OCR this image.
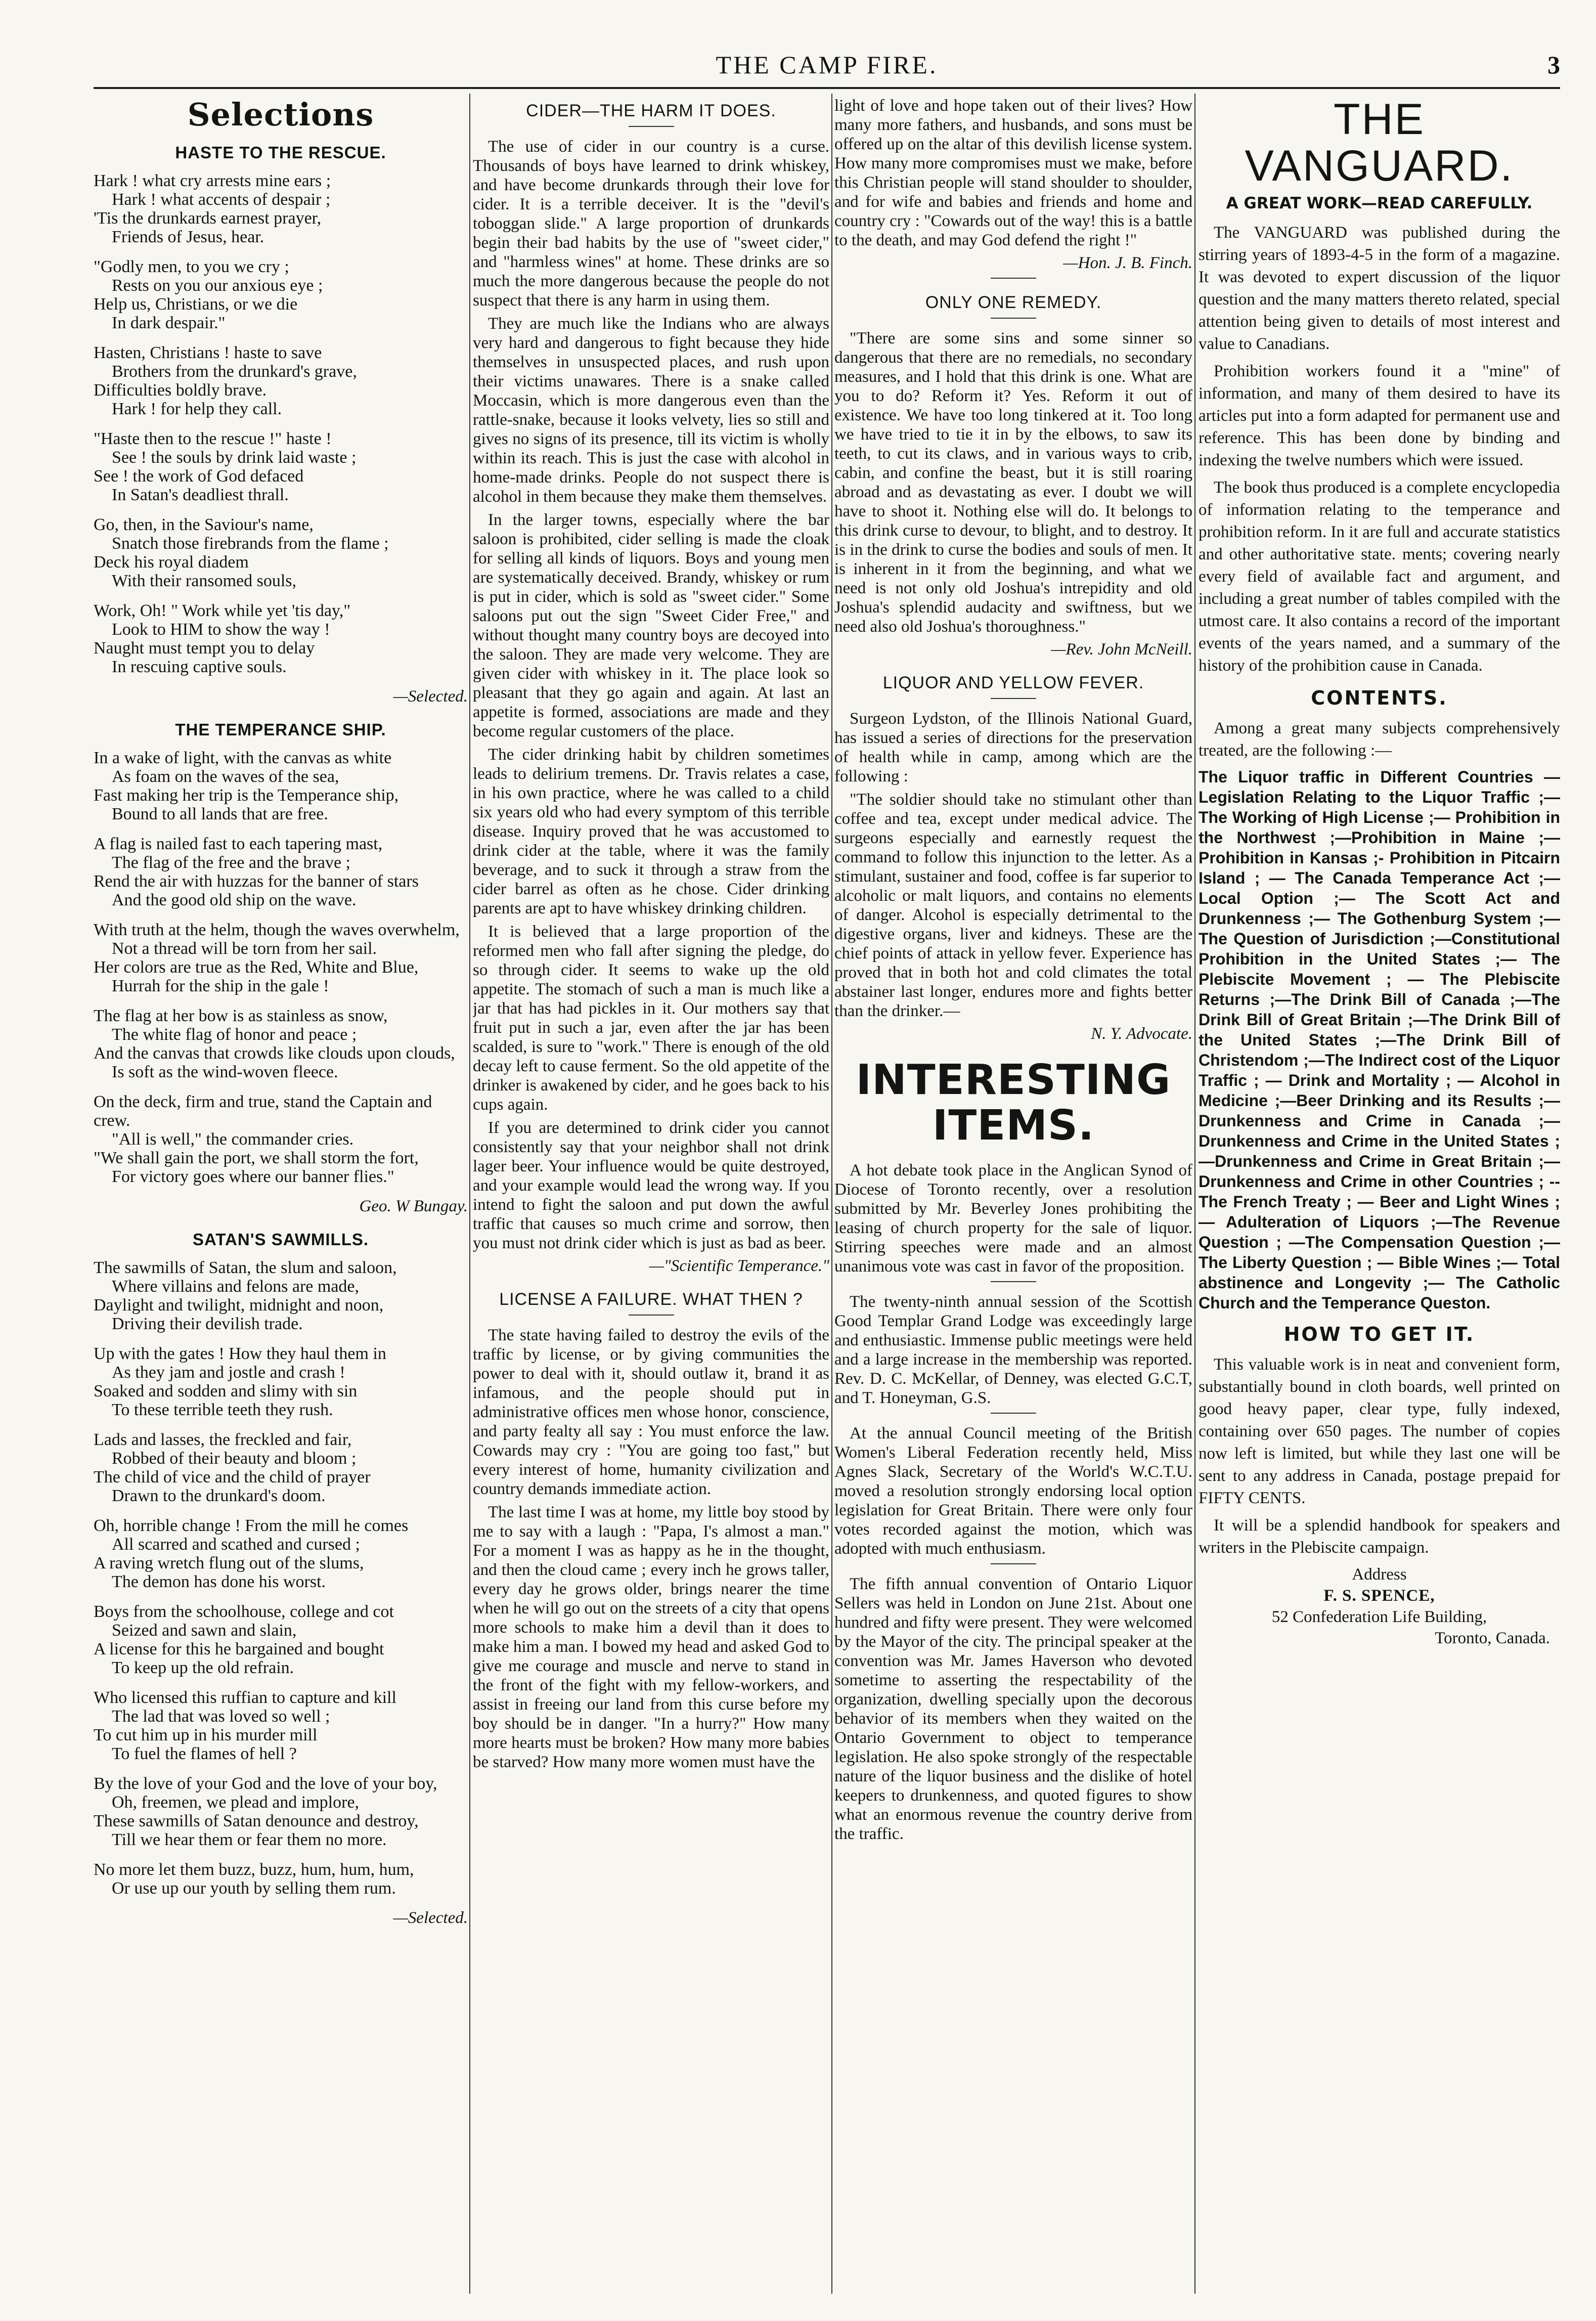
THE CAMP FIRE.	3
Selections
HASTE TO THE RESCUE.
Hark ! what cry arrests mine ears ;
Hark ! what accents of despair ;
'Tis the drunkards earnest prayer,
Friends of Jesus, hear.
"Godly men, to you we cry ;
Rests on you our anxious eye ;
Help us, Christians, or we die
In dark despair."
Hasten, Christians ! haste to save
Brothers from the drunkard's grave,
Difficulties boldly brave.
Hark ! for help they call.
"Haste then to the rescue !" haste !
See ! the souls by drink laid waste ;
See ! the work of God defaced
In Satan's deadliest thrall.
Go, then, in the Saviour's name,
Snatch those firebrands from the flame ;
Deck his royal diadem
With their ransomed souls,
Work, Oh! " Work while yet 'tis day,"
Look to HIM to show the way !
Naught must tempt you to delay
In rescuing captive souls.
—Selected.
THE TEMPERANCE SHIP.
In a wake of light, with the canvas as white
As foam on the waves of the sea,
Fast making her trip is the Temperance ship,
Bound to all lands that are free.
A flag is nailed fast to each tapering mast,
The flag of the free and the brave ;
Rend the air with huzzas for the banner of stars
And the good old ship on the wave.
With truth at the helm, though the waves overwhelm,
Not a thread will be torn from her sail.
Her colors are true as the Red, White and Blue,
Hurrah for the ship in the gale !
The flag at her bow is as stainless as snow,
The white flag of honor and peace ;
And the canvas that crowds like clouds upon clouds,
Is soft as the wind-woven fleece.
On the deck, firm and true, stand the Captain and crew.
"All is well," the commander cries.
"We shall gain the port, we shall storm the fort,
For victory goes where our banner flies."
Geo. W Bungay.
SATAN'S SAWMILLS.
The sawmills of Satan, the slum and saloon,
Where villains and felons are made,
Daylight and twilight, midnight and noon,
Driving their devilish trade.
Up with the gates ! How they haul them in
As they jam and jostle and crash !
Soaked and sodden and slimy with sin
To these terrible teeth they rush.
Lads and lasses, the freckled and fair,
Robbed of their beauty and bloom ;
The child of vice and the child of prayer
Drawn to the drunkard's doom.
Oh, horrible change ! From the mill he comes
All scarred and scathed and cursed ;
A raving wretch flung out of the slums,
The demon has done his worst.
Boys from the schoolhouse, college and cot
Seized and sawn and slain,
A license for this he bargained and bought
To keep up the old refrain.
Who licensed this ruffian to capture and kill
The lad that was loved so well ;
To cut him up in his murder mill
To fuel the flames of hell ?
By the love of your God and the love of your boy,
Oh, freemen, we plead and implore,
These sawmills of Satan denounce and destroy,
Till we hear them or fear them no more.
No more let them buzz, buzz, hum, hum, hum,
Or use up our youth by selling them rum.
—Selected.
CIDER—THE HARM IT DOES.

The use of cider in our country is a curse. Thousands of boys have learned to drink whiskey, and have become drunkards through their love for cider. It is a terrible deceiver. It is the "devil's toboggan slide." A large proportion of drunkards begin their bad habits by the use of "sweet cider," and "harmless wines" at home. These drinks are so much the more dangerous because the people do not suspect that there is any harm in using them.

They are much like the Indians who are always very hard and dangerous to fight because they hide themselves in unsuspected places, and rush upon their victims unawares. There is a snake called Moccasin, which is more dangerous even than the rattle-snake, because it looks velvety, lies so still and gives no signs of its presence, till its victim is wholly within its reach. This is just the case with alcohol in home-made drinks. People do not suspect there is alcohol in them because they make them themselves.

In the larger towns, especially where the bar saloon is prohibited, cider selling is made the cloak for selling all kinds of liquors. Boys and young men are systematically deceived. Brandy, whiskey or rum is put in cider, which is sold as "sweet cider." Some saloons put out the sign "Sweet Cider Free," and without thought many country boys are decoyed into the saloon. They are made very welcome. They are given cider with whiskey in it. The place look so pleasant that they go again and again. At last an appetite is formed, associations are made and they become regular customers of the place.

The cider drinking habit by children sometimes leads to delirium tremens. Dr. Travis relates a case, in his own practice, where he was called to a child six years old who had every symptom of this terrible disease. Inquiry proved that he was accustomed to drink cider at the table, where it was the family beverage, and to suck it through a straw from the cider barrel as often as he chose. Cider drinking parents are apt to have whiskey drinking children.

It is believed that a large proportion of the reformed men who fall after signing the pledge, do so through cider. It seems to wake up the old appetite. The stomach of such a man is much like a jar that has had pickles in it. Our mothers say that fruit put in such a jar, even after the jar has been scalded, is sure to "work." There is enough of the old decay left to cause ferment. So the old appetite of the drinker is awakened by cider, and he goes back to his cups again.

If you are determined to drink cider you cannot consistently say that your neighbor shall not drink lager beer. Your influence would be quite destroyed, and your example would lead the wrong way. If you intend to fight the saloon and put down the awful traffic that causes so much crime and sorrow, then you must not drink cider which is just as bad as beer.

—"Scientific Temperance."
LICENSE A FAILURE. WHAT THEN ?

The state having failed to destroy the evils of the traffic by license, or by giving communities the power to deal with it, should outlaw it, brand it as infamous, and the people should put in administrative offices men whose honor, conscience, and party fealty all say : You must enforce the law. Cowards may cry : "You are going too fast," but every interest of home, humanity civilization and country demands immediate action.

The last time I was at home, my little boy stood by me to say with a laugh : "Papa, I's almost a man." For a moment I was as happy as he in the thought, and then the cloud came ; every inch he grows taller, every day he grows older, brings nearer the time when he will go out on the streets of a city that opens more schools to make him a devil than it does to make him a man. I bowed my head and asked God to give me courage and muscle and nerve to stand in the front of the fight with my fellow-workers, and assist in freeing our land from this curse before my boy should be in danger. "In a hurry?" How many more hearts must be broken? How many more babies be starved? How many more women must have the

light of love and hope taken out of their lives? How many more fathers, and husbands, and sons must be offered up on the altar of this devilish license system. How many more compromises must we make, before this Christian people will stand shoulder to shoulder, and for wife and babies and friends and home and country cry : "Cowards out of the way! this is a battle to the death, and may God defend the right !"

—Hon. J. B. Finch.
ONLY ONE REMEDY.

"There are some sins and some sinner so dangerous that there are no remedials, no secondary measures, and I hold that this drink is one. What are you to do? Reform it? Yes. Reform it out of existence. We have too long tinkered at it. Too long we have tried to tie it in by the elbows, to saw its teeth, to cut its claws, and in various ways to crib, cabin, and confine the beast, but it is still roaring abroad and as devastating as ever. I doubt we will have to shoot it. Nothing else will do. It belongs to this drink curse to devour, to blight, and to destroy. It is in the drink to curse the bodies and souls of men. It is inherent in it from the beginning, and what we need is not only old Joshua's intrepidity and old Joshua's splendid audacity and swiftness, but we need also old Joshua's thoroughness."

—Rev. John McNeill.
LIQUOR AND YELLOW FEVER.

Surgeon Lydston, of the Illinois National Guard, has issued a series of directions for the preservation of health while in camp, among which are the following :

"The soldier should take no stimulant other than coffee and tea, except under medical advice. The surgeons especially and earnestly request the command to follow this injunction to the letter. As a stimulant, sustainer and food, coffee is far superior to alcoholic or malt liquors, and contains no elements of danger. Alcohol is especially detrimental to the digestive organs, liver and kidneys. These are the chief points of attack in yellow fever. Experience has proved that in both hot and cold climates the total abstainer last longer, endures more and fights better than the drinker.—

N. Y. Advocate.
INTERESTING ITEMS.

A hot debate took place in the Anglican Synod of Diocese of Toronto recently, over a resolution submitted by Mr. Beverley Jones prohibiting the leasing of church property for the sale of liquor. Stirring speeches were made and an almost unanimous vote was cast in favor of the proposition.

The twenty-ninth annual session of the Scottish Good Templar Grand Lodge was exceedingly large and enthusiastic. Immense public meetings were held and a large increase in the membership was reported. Rev. D. C. McKellar, of Denney, was elected G.C.T, and T. Honeyman, G.S.

At the annual Council meeting of the British Women's Liberal Federation recently held, Miss Agnes Slack, Secretary of the World's W.C.T.U. moved a resolution strongly endorsing local option legislation for Great Britain. There were only four votes recorded against the motion, which was adopted with much enthusiasm.

The fifth annual convention of Ontario Liquor Sellers was held in London on June 21st. About one hundred and fifty were present. They were welcomed by the Mayor of the city. The principal speaker at the convention was Mr. James Haverson who devoted sometime to asserting the respectability of the organization, dwelling specially upon the decorous behavior of its members when they waited on the Ontario Government to object to temperance legislation. He also spoke strongly of the respectable nature of the liquor business and the dislike of hotel keepers to drunkenness, and quoted figures to show what an enormous revenue the country derive from the traffic.

THE VANGUARD.
A GREAT WORK—READ CAREFULLY.

The VANGUARD was published during the stirring years of 1893-4-5 in the form of a magazine. It was devoted to expert discussion of the liquor question and the many matters thereto related, special attention being given to details of most interest and value to Canadians.

Prohibition workers found it a "mine" of information, and many of them desired to have its articles put into a form adapted for permanent use and reference. This has been done by binding and indexing the twelve numbers which were issued.

The book thus produced is a complete encyclopedia of information relating to the temperance and prohibition reform. In it are full and accurate statistics and other authoritative state. ments; covering nearly every field of available fact and argument, and including a great number of tables compiled with the utmost care. It also contains a record of the important events of the years named, and a summary of the history of the prohibition cause in Canada.

CONTENTS.

Among a great many subjects comprehensively treated, are the following :—

The Liquor traffic in Different Countries — Legislation Relating to the Liquor Traffic ;—The Working of High License ;— Prohibition in the Northwest ;—Prohibition in Maine ;— Prohibition in Kansas ;- Prohibition in Pitcairn Island ; — The Canada Temperance Act ;—Local Option ;— The Scott Act and Drunkenness ;— The Gothenburg System ;—The Question of Jurisdiction ;—Constitutional Prohibition in the United States ;— The Plebiscite Movement ; — The Plebiscite Returns ;—The Drink Bill of Canada ;—The Drink Bill of Great Britain ;—The Drink Bill of the United States ;—The Drink Bill of Christendom ;—The Indirect cost of the Liquor Traffic ; — Drink and Mortality ; — Alcohol in Medicine ;—Beer Drinking and its Results ;—Drunkenness and Crime in Canada ;—Drunkenness and Crime in the United States ;—Drunkenness and Crime in Great Britain ;— Drunkenness and Crime in other Countries ; -- The French Treaty ; — Beer and Light Wines ;— Adulteration of Liquors ;—The Revenue Question ; —The Compensation Question ;—The Liberty Question ; — Bible Wines ;— Total abstinence and Longevity ;— The Catholic Church and the Temperance Queston.

HOW TO GET IT.

This valuable work is in neat and convenient form, substantially bound in cloth boards, well printed on good heavy paper, clear type, fully indexed, containing over 650 pages. The number of copies now left is limited, but while they last one will be sent to any address in Canada, postage prepaid for FIFTY CENTS.

It will be a splendid handbook for speakers and writers in the Plebiscite campaign.

Address
F. S. SPENCE,
52 Confederation Life Building,
Toronto, Canada.
